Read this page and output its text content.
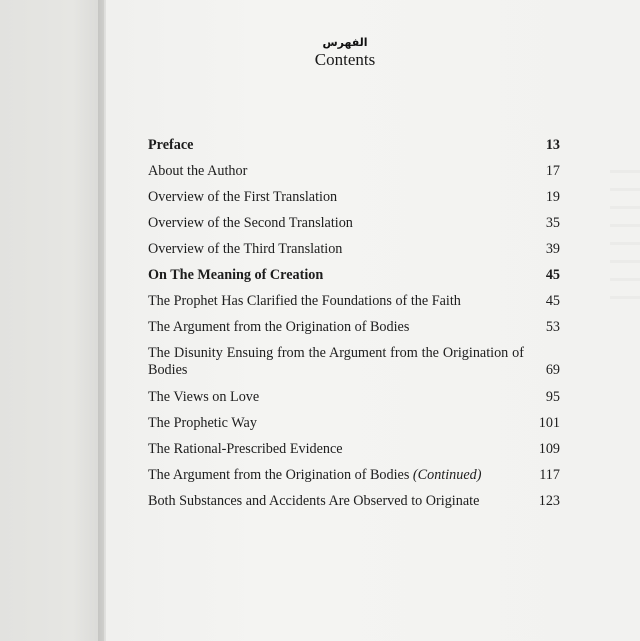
الفهرس
Contents
Preface	13
About the Author	17
Overview of the First Translation	19
Overview of the Second Translation	35
Overview of the Third Translation	39
On The Meaning of Creation	45
The Prophet Has Clarified the Foundations of the Faith	45
The Argument from the Origination of Bodies	53
The Disunity Ensuing from the Argument from the Origination of Bodies	69
The Views on Love	95
The Prophetic Way	101
The Rational-Prescribed Evidence	109
The Argument from the Origination of Bodies (Continued)	117
Both Substances and Accidents Are Observed to Originate	123
